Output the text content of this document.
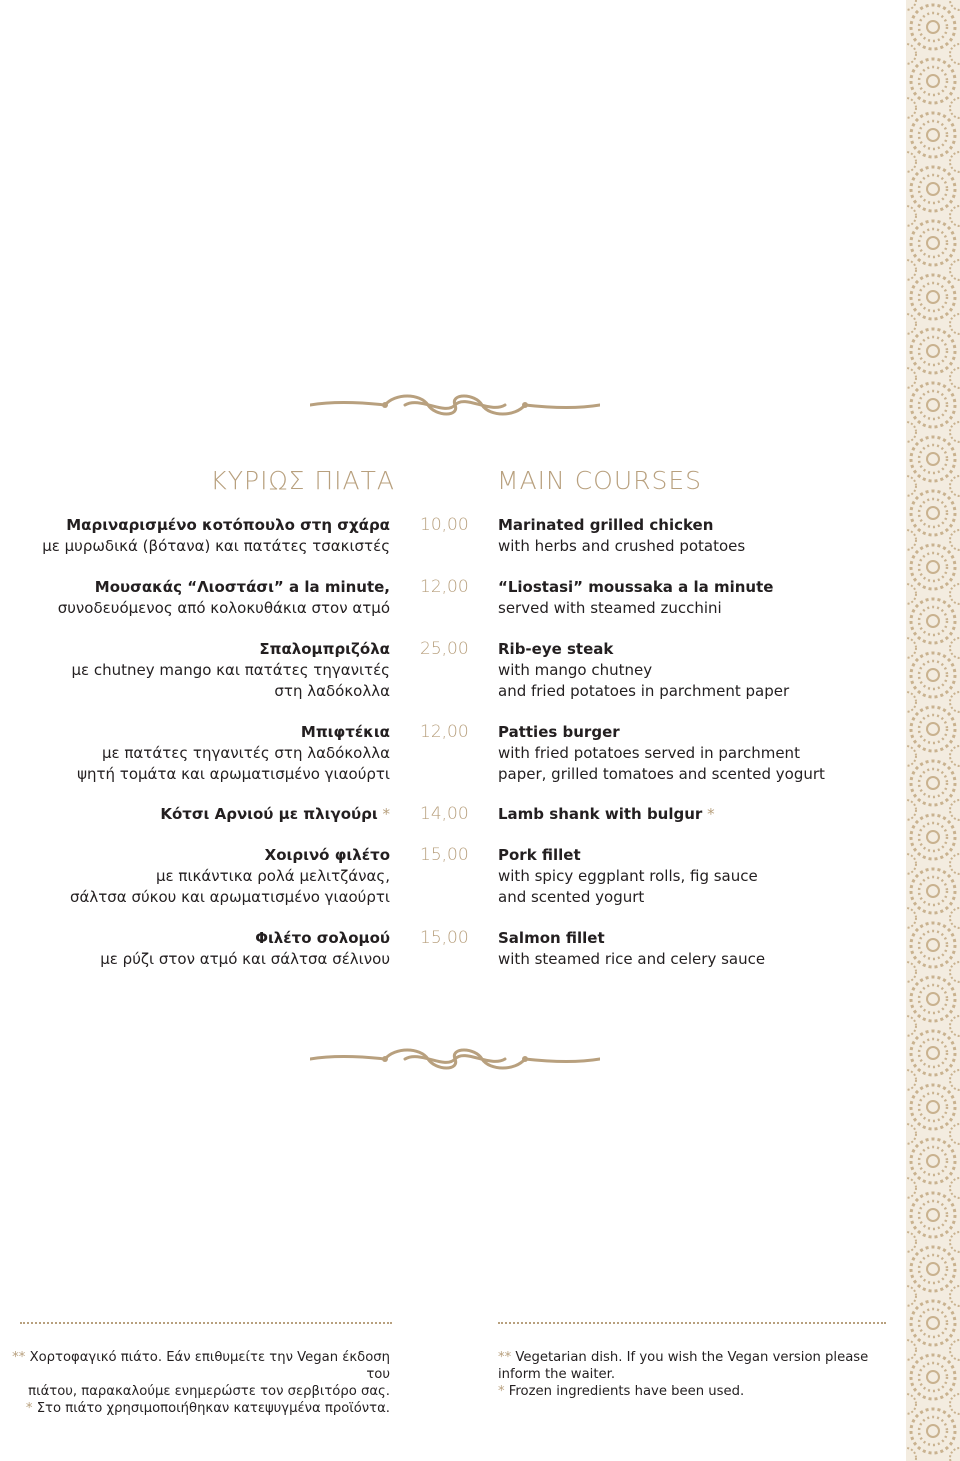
ΚΥΡΙΩΣ ΠΙΑΤΑ	MAIN COURSES
Μαριναρισμένο κοτόπουλο στη σχάρα
με μυρωδικά (βότανα) και πατάτες τσακιστές
10,00 Marinated grilled chicken
with herbs and crushed potatoes
Μουσακάς “Λιοστάσι” a la minute,
συνοδευόμενος από κολοκυθάκια στον ατμό
12,00 “Liostasi” moussaka a la minute
served with steamed zucchini
Σπαλομπριζόλα
με chutney mango και πατάτες τηγανιτές
στη λαδόκολλα
25,00 Rib-eye steak
with mango chutney
and fried potatoes in parchment paper
Μπιφτέκια
με πατάτες τηγανιτές στη λαδόκολλα
ψητή τομάτα και αρωματισμένο γιαούρτι
12,00 Patties burger
with fried potatoes served in parchment
paper, grilled tomatoes and scented yogurt
Κότσι Αρνιού με πλιγούρι * 14,00 Lamb shank with bulgur *
Χοιρινό φιλέτο
με πικάντικα ρολά μελιτζάνας,
σάλτσα σύκου και αρωματισμένο γιαούρτι
15,00 Pork fillet
with spicy eggplant rolls, fig sauce
and scented yogurt
Φιλέτο σολομού
με ρύζι στον ατμό και σάλτσα σέλινου
15,00 Salmon fillet
with steamed rice and celery sauce
** Χορτοφαγικό πιάτο. Εάν επιθυμείτε την Vegan έκδοση του
πιάτου, παρακαλούμε ενημερώστε τον σερβιτόρο σας.
* Στο πιάτο χρησιμοποιήθηκαν κατεψυγμένα προϊόντα.
** Vegetarian dish. If you wish the Vegan version please
inform the waiter.
* Frozen ingredients have been used.
